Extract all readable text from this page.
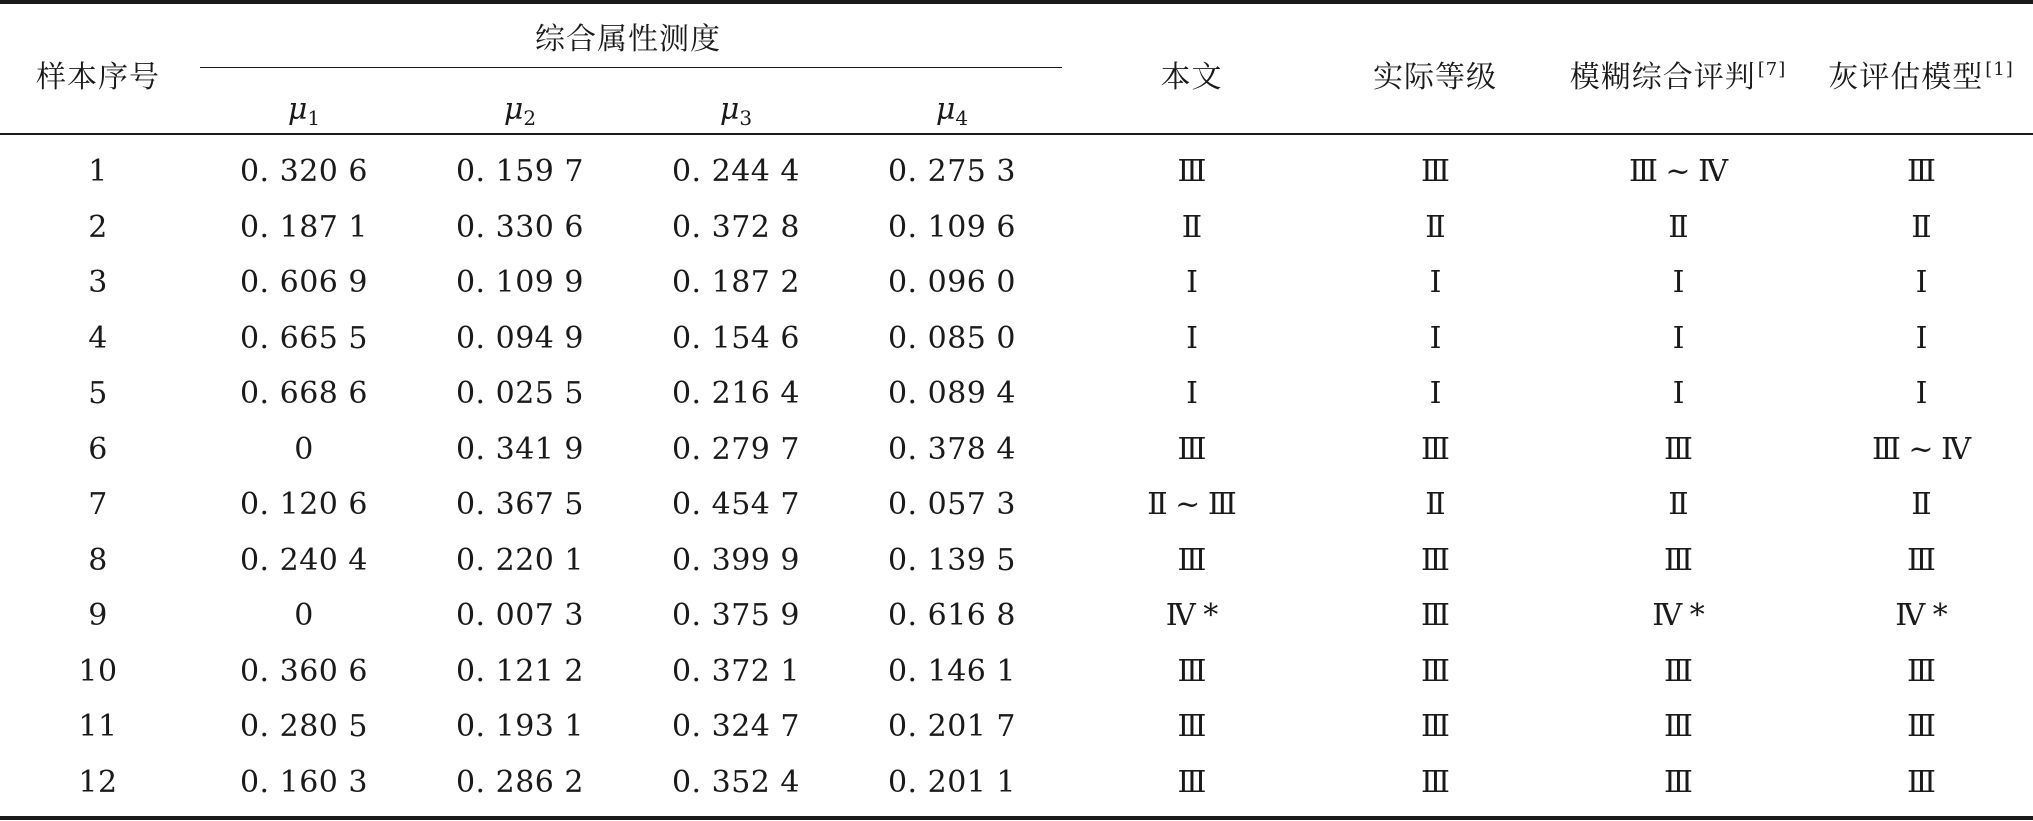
样本序号	综合属性测度				本文	实际等级	模糊综合评判 [7]	灰评估模型 [1]
	$\mu_1$	$\mu_2$	$\mu_3$	$\mu_4$
1	0. 320 6	0. 159 7	0. 244 4	0. 275 3	Ⅲ	Ⅲ	Ⅲ ~ Ⅳ	Ⅲ
2	0. 187 1	0. 330 6	0. 372 8	0. 109 6	Ⅱ	Ⅱ	Ⅱ	Ⅱ
3	0. 606 9	0. 109 9	0. 187 2	0. 096 0	Ⅰ	Ⅰ	Ⅰ	Ⅰ
4	0. 665 5	0. 094 9	0. 154 6	0. 085 0	Ⅰ	Ⅰ	Ⅰ	Ⅰ
5	0. 668 6	0. 025 5	0. 216 4	0. 089 4	Ⅰ	Ⅰ	Ⅰ	Ⅰ
6	0	0. 341 9	0. 279 7	0. 378 4	Ⅲ	Ⅲ	Ⅲ	Ⅲ ~ Ⅳ
7	0. 120 6	0. 367 5	0. 454 7	0. 057 3	Ⅱ ~ Ⅲ	Ⅱ	Ⅱ	Ⅱ
8	0. 240 4	0. 220 1	0. 399 9	0. 139 5	Ⅲ	Ⅲ	Ⅲ	Ⅲ
9	0	0. 007 3	0. 375 9	0. 616 8	Ⅳ *	Ⅲ	Ⅳ *	Ⅳ *
10	0. 360 6	0. 121 2	0. 372 1	0. 146 1	Ⅲ	Ⅲ	Ⅲ	Ⅲ
11	0. 280 5	0. 193 1	0. 324 7	0. 201 7	Ⅲ	Ⅲ	Ⅲ	Ⅲ
12	0. 160 3	0. 286 2	0. 352 4	0. 201 1	Ⅲ	Ⅲ	Ⅲ	Ⅲ
